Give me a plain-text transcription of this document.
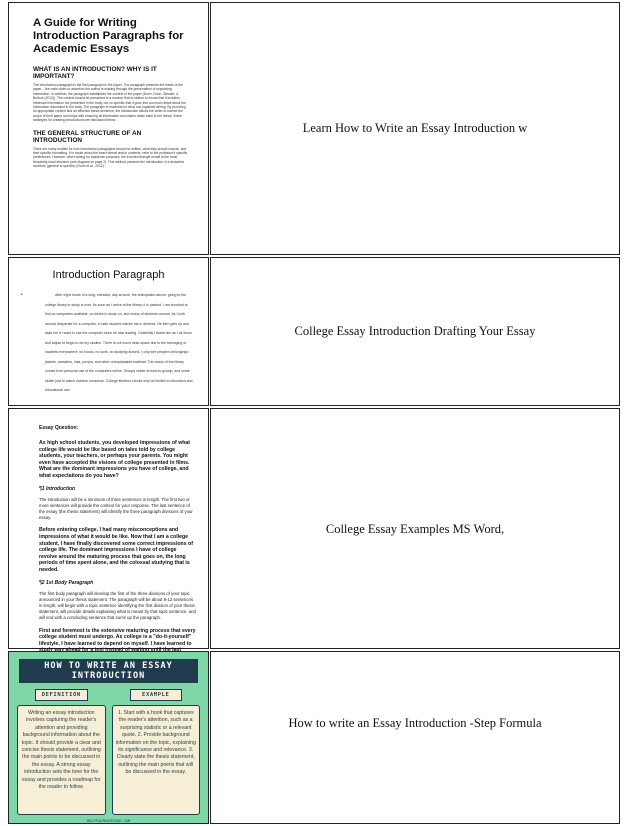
A Guide for Writing Introduction Paragraphs for Academic Essays
WHAT IS AN INTRODUCTION? WHY IS IT IMPORTANT?

The introduction paragraph is the first paragraph in the paper. The paragraph presents the thesis of the paper – the main claim or assertion the author is making through the presentation of supporting information. In addition, the paragraph establishes the context of the paper (Dunn, Dunn, Stewart, & Bullock (2012)). The context should be presented in a manner that is neither so broad that it includes irrelevant information nor presented in the body, nor so specific that it goes into too much detail about the information discussed in the body. The paragraph is essential for what non-logistical writing. By providing an appropriate context and an effective thesis sentence, the introduction allows the writer to narrow the scope of their paper and helps with ensuring all information and claims relate back to the thesis. Some strategies for creating introductions are discussed below.

THE GENERAL STRUCTURE OF AN INTRODUCTION

There are many models for how introduction paragraphs should be written, what they should include, and their specific formatting. If in doubt about the exact format and/or contents, refer to the professor's specific preferences. However, when writing for academic purposes, the inverted triangle model is the most frequently used structure (see diagram on page 2). This method presents the introduction in a deductive structure (general to specific) (Dunn et al., 2012).

Learn How to Write an Essay Introduction w
Introduction Paragraph

•	After eight hours of a long, stressful, day at work, the anticipation above: going to the college library to study is over. As soon as I arrive at the library, it is packed. I am shocked to find no computers available, no desks to study on, and chaos of students around. As I look around desperate for a computer, a male student notices me in distress. He then gets up and asks me if I want to use the computer since he was leaving. Gratefully I thank him as I sit down and adjust to begin to do my studies. There is not much desk space due to the belonging of students everywhere: no books, no work, no studying around. I only see people's belongings: jackets, sweaters, hats, purses, and other unexplainable material. The chaos of the library comes from personal use of the computers online. Groups clutter around to gossip, and some clutter just to watch useless nonsense. College libraries should only be limited to education and educational use.

College Essay Introduction Drafting Your Essay
Essay Question:

As high school students, you developed impressions of what college life would be like based on tales told by college students, your teachers, or perhaps your parents. You might even have accepted the visions of college presented in films. What are the dominant impressions you have of college, and what expectations do you have?

¶1 Introduction

The introduction will be a minimum of three sentences in length. The first two or more sentences will provide the context for your response. The last sentence of the essay (the thesis statement) will identify the three paragraph divisions of your essay.

Before entering college, I had many misconceptions and impressions of what it would be like. Now that I am a college student, I have finally discovered some correct impressions of college life. The dominant impressions I have of college revolve around the maturing process that goes on, the long periods of time spent alone, and the colossal studying that is needed.

¶2 1st Body Paragraph

The first body paragraph will develop the first of the three divisions of your topic announced in your thesis statement. The paragraph will be about 8-12 sentences in length, will begin with a topic sentence identifying the first division of your thesis statement, will provide details explaining what is meant by that topic sentence, and will end with a concluding sentence that sums up the paragraph.

First and foremost is the extensive maturing process that every college student must undergo. As college is a "do-it-yourself" lifestyle, I have learned to depend on myself. I have learned to

College Essay Examples MS Word,
HOW TO WRITE AN ESSAY INTRODUCTION
DEFINITION
Writing an essay introduction involves capturing the reader's attention and providing background information about the topic. It should provide a clear and concise thesis statement, outlining the main points to be discussed in the essay. A strong essay introduction sets the tone for the essay and provides a roadmap for the reader to follow.
EXAMPLE
1. Start with a hook that captures the reader's attention, such as a surprising statistic or a relevant quote. 2. Provide background information on the topic, explaining its significance and relevance. 3. Clearly state the thesis statement, outlining the main points that will be discussed in the essay.
HELPFULPROFESSOR.COM
How to write an Essay Introduction -Step Formula
